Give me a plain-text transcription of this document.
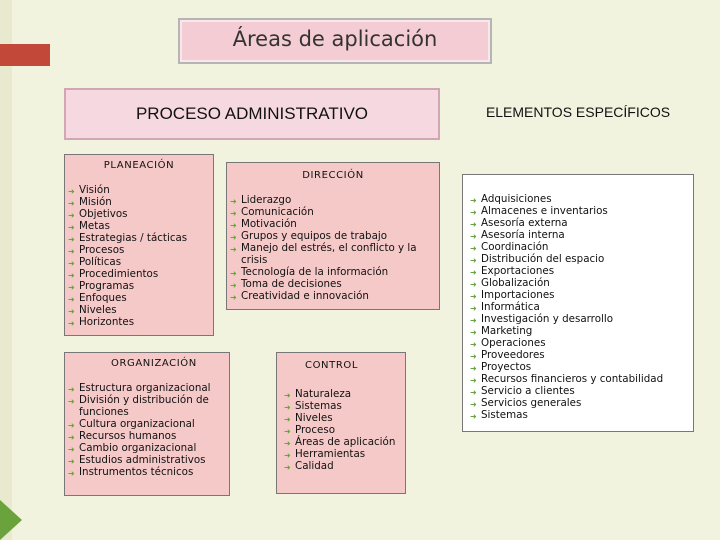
Áreas de aplicación
PROCESO ADMINISTRATIVO	ELEMENTOS ESPECÍFICOS
PLANEACIÓN
➜ Visión
➜ Misión
➜ Objetivos
➜ Metas
➜ Estrategias / tácticas
➜ Procesos
➜ Políticas
➜ Procedimientos
➜ Programas
➜ Enfoques
➜ Niveles
➜ Horizontes
DIRECCIÓN
➜ Liderazgo
➜ Comunicación
➜ Motivación
➜ Grupos y equipos de trabajo
➜ Manejo del estrés, el conflicto y la crisis
➜ Tecnología de la información
➜ Toma de decisiones
➜ Creatividad e innovación
ORGANIZACIÓN
➜ Estructura organizacional
➜ División y distribución de funciones
➜ Cultura organizacional
➜ Recursos humanos
➜ Cambio organizacional
➜ Estudios administrativos
➜ Instrumentos técnicos
CONTROL
➜ Naturaleza
➜ Sistemas
➜ Niveles
➜ Proceso
➜ Áreas de aplicación
➜ Herramientas
➜ Calidad
➜ Adquisiciones
➜ Almacenes e inventarios
➜ Asesoría externa
➜ Asesoría interna
➜ Coordinación
➜ Distribución del espacio
➜ Exportaciones
➜ Globalización
➜ Importaciones
➜ Informática
➜ Investigación y desarrollo
➜ Marketing
➜ Operaciones
➜ Proveedores
➜ Proyectos
➜ Recursos financieros y contabilidad
➜ Servicio a clientes
➜ Servicios generales
➜ Sistemas
